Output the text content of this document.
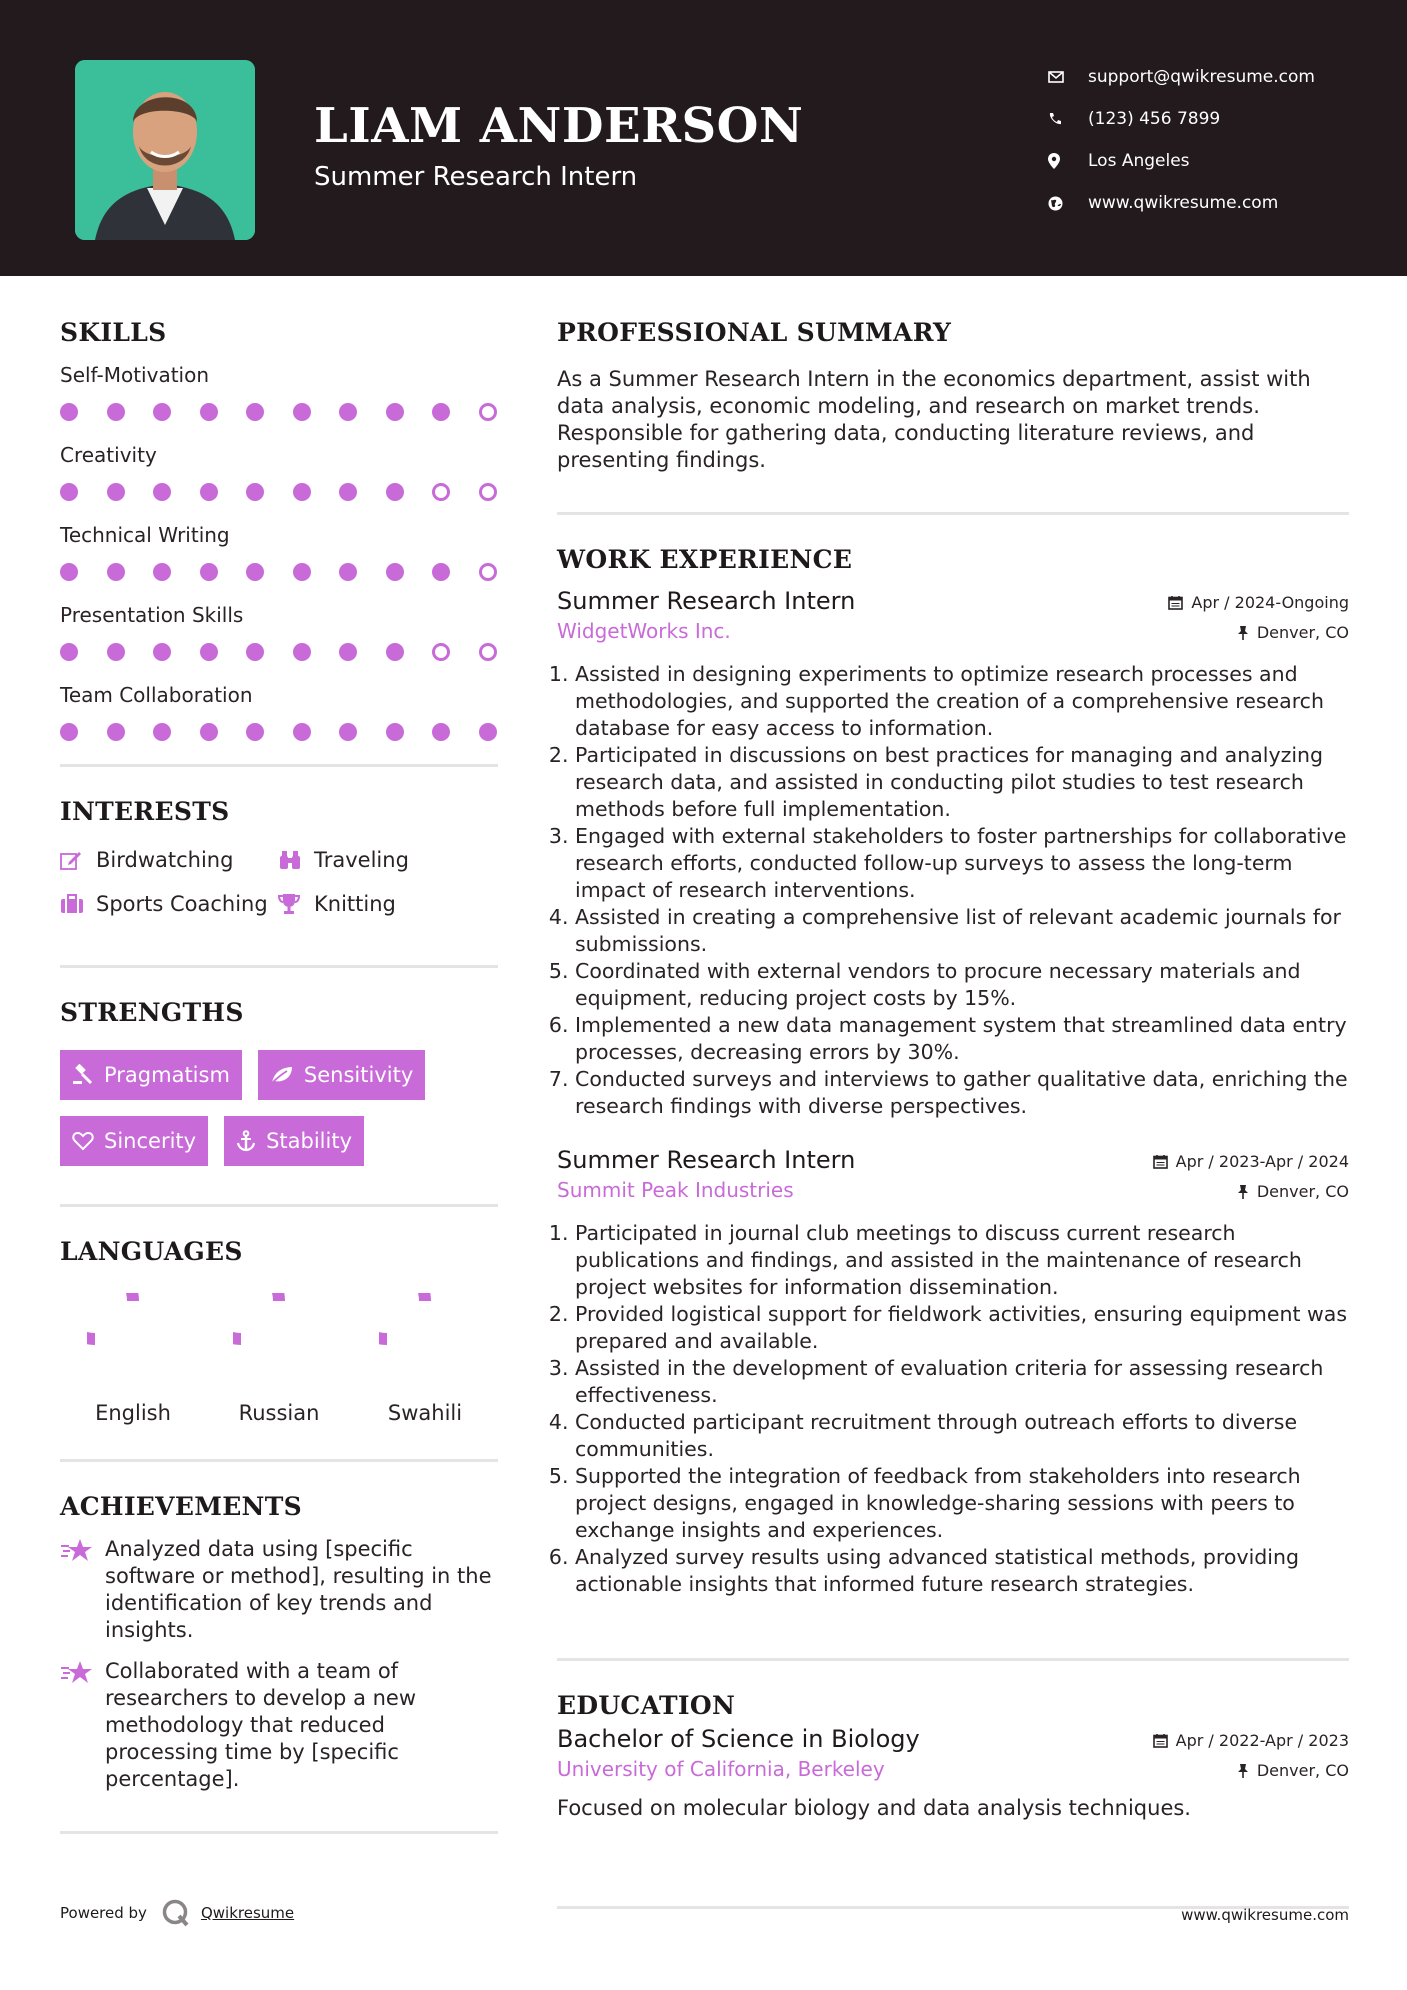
LIAM ANDERSON
Summer Research Intern
support@qwikresume.com
(123) 456 7899
Los Angeles
www.qwikresume.com
SKILLS
Self-Motivation
Creativity
Technical Writing
Presentation Skills
Team Collaboration
INTERESTS
Birdwatching	Traveling
Sports Coaching Knitting
STRENGTHS
Pragmatism	Sensitivity
Sincerity	Stability
LANGUAGES
English	Russian	Swahili
ACHIEVEMENTS
Analyzed data using [specific software or method], resulting in the identification of key trends and insights.
Collaborated with a team of researchers to develop a new methodology that reduced processing time by [specific percentage].
Powered by	Qwikresume
PROFESSIONAL SUMMARY
As a Summer Research Intern in the economics department, assist with data analysis, economic modeling, and research on market trends. Responsible for gathering data, conducting literature reviews, and presenting findings.
WORK EXPERIENCE
Summer Research Intern
WidgetWorks Inc.
Apr / 2024-Ongoing
Denver, CO
1. Assisted in designing experiments to optimize research processes and methodologies, and supported the creation of a comprehensive research database for easy access to information.
2. Participated in discussions on best practices for managing and analyzing research data, and assisted in conducting pilot studies to test research methods before full implementation.
3. Engaged with external stakeholders to foster partnerships for collaborative research efforts, conducted follow-up surveys to assess the long-term impact of research interventions.
4. Assisted in creating a comprehensive list of relevant academic journals for submissions.
5. Coordinated with external vendors to procure necessary materials and equipment, reducing project costs by 15%.
6. Implemented a new data management system that streamlined data entry processes, decreasing errors by 30%.
7. Conducted surveys and interviews to gather qualitative data, enriching the research findings with diverse perspectives.
Summer Research Intern
Summit Peak Industries
Apr / 2023-Apr / 2024
Denver, CO
1. Participated in journal club meetings to discuss current research publications and findings, and assisted in the maintenance of research project websites for information dissemination.
2. Provided logistical support for fieldwork activities, ensuring equipment was prepared and available.
3. Assisted in the development of evaluation criteria for assessing research effectiveness.
4. Conducted participant recruitment through outreach efforts to diverse communities.
5. Supported the integration of feedback from stakeholders into research project designs, engaged in knowledge-sharing sessions with peers to exchange insights and experiences.
6. Analyzed survey results using advanced statistical methods, providing actionable insights that informed future research strategies.
EDUCATION
Bachelor of Science in Biology
University of California, Berkeley
Apr / 2022-Apr / 2023
Denver, CO
Focused on molecular biology and data analysis techniques.
www.qwikresume.com
